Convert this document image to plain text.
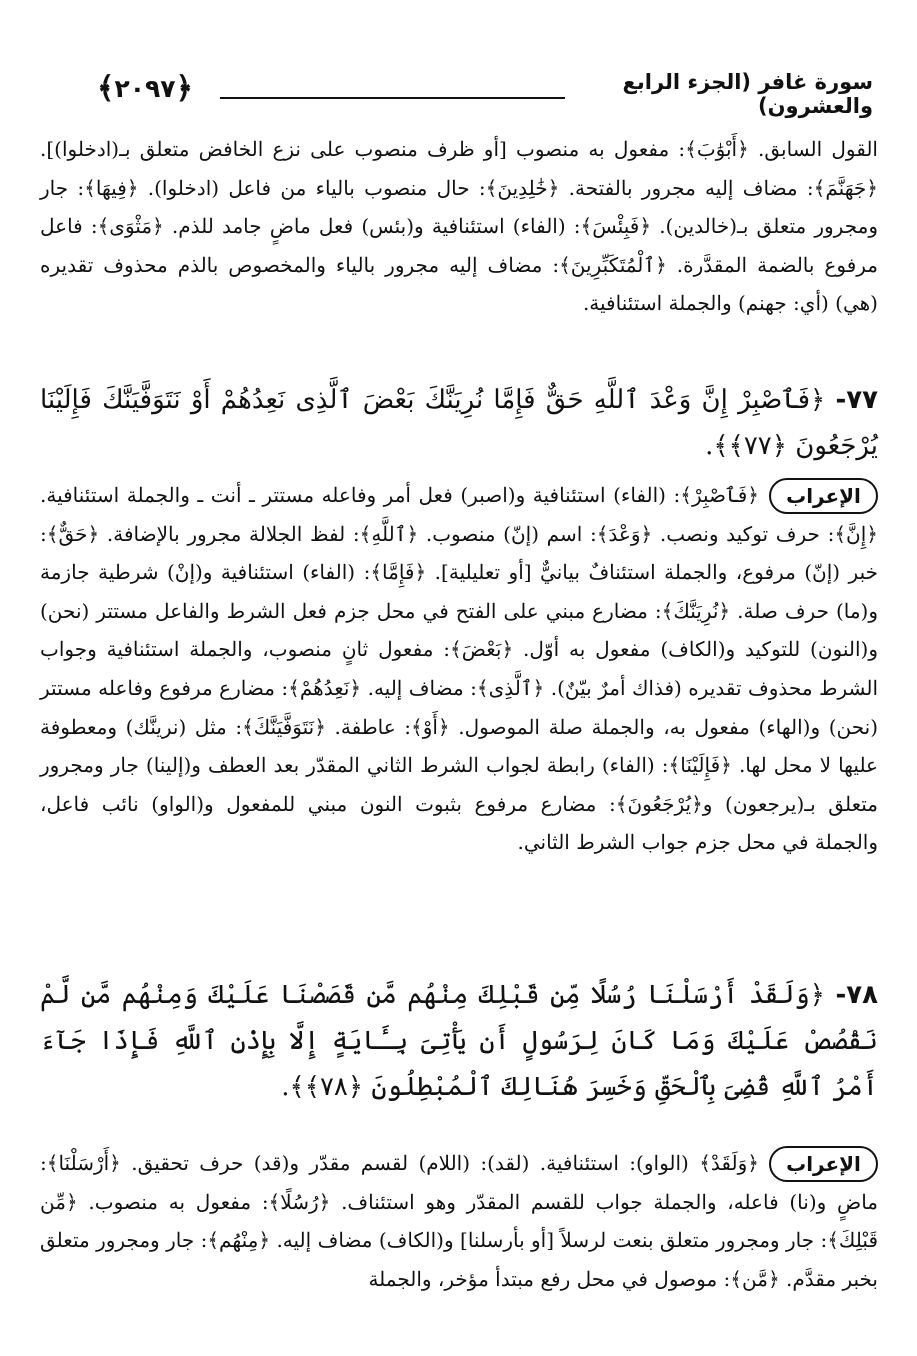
﴿
٢٠٩٧
﴾	سورة غافر (الجزء الرابع والعشرون)

القول السابق. ﴿أَبْوَٰبَ﴾: مفعول به منصوب [أو ظرف منصوب على نزع الخافض متعلق بـ(ادخلوا)]. ﴿جَهَنَّمَ﴾: مضاف إليه مجرور بالفتحة. ﴿خَٰلِدِينَ﴾: حال منصوب بالياء من فاعل (ادخلوا). ﴿فِيهَا﴾: جار ومجرور متعلق بـ(خالدين). ﴿فَبِئْسَ﴾: (الفاء) استئنافية و(بئس) فعل ماضٍ جامد للذم. ﴿مَثْوَى﴾: فاعل مرفوع بالضمة المقدَّرة. ﴿ٱلْمُتَكَبِّرِينَ﴾: مضاف إليه مجرور بالياء والمخصوص بالذم محذوف تقديره (هي) (أي: جهنم) والجملة استئنافية.

٧٧- ﴿فَٱصْبِرْ إِنَّ وَعْدَ ٱللَّهِ حَقٌّ فَإِمَّا نُرِيَنَّكَ بَعْضَ ٱلَّذِى نَعِدُهُمْ أَوْ نَتَوَفَّيَنَّكَ فَإِلَيْنَا يُرْجَعُونَ ﴿٧٧﴾﴾.

الإعراب
﴿فَٱصْبِرْ﴾: (الفاء) استئنافية و(اصبر) فعل أمر وفاعله مستتر ـ أنت ـ والجملة استئنافية. ﴿إِنَّ﴾: حرف توكيد ونصب. ﴿وَعْدَ﴾: اسم (إنّ) منصوب. ﴿ٱللَّهِ﴾: لفظ الجلالة مجرور بالإضافة. ﴿حَقٌّ﴾: خبر (إنّ) مرفوع، والجملة استئنافٌ بيانيٌّ [أو تعليلية]. ﴿فَإِمَّا﴾: (الفاء) استئنافية و(إنْ) شرطية جازمة و(ما) حرف صلة. ﴿نُرِيَنَّكَ﴾: مضارع مبني على الفتح في محل جزم فعل الشرط والفاعل مستتر (نحن) و(النون) للتوكيد و(الكاف) مفعول به أوّل. ﴿بَعْضَ﴾: مفعول ثانٍ منصوب، والجملة استئنافية وجواب الشرط محذوف تقديره (فذاك أمرٌ بيّنٌ). ﴿ٱلَّذِى﴾: مضاف إليه. ﴿نَعِدُهُمْ﴾: مضارع مرفوع وفاعله مستتر (نحن) و(الهاء) مفعول به، والجملة صلة الموصول. ﴿أَوْ﴾: عاطفة. ﴿نَتَوَفَّيَنَّكَ﴾: مثل (نرينَّك) ومعطوفة عليها لا محل لها. ﴿فَإِلَيْنَا﴾: (الفاء) رابطة لجواب الشرط الثاني المقدّر بعد العطف و(إلينا) جار ومجرور متعلق بـ(يرجعون) و﴿يُرْجَعُونَ﴾: مضارع مرفوع بثبوت النون مبني للمفعول و(الواو) نائب فاعل، والجملة في محل جزم جواب الشرط الثاني.

٧٨- ﴿وَلَقَدْ أَرْسَلْنَا رُسُلًا مِّن قَبْلِكَ مِنْهُم مَّن قَصَصْنَا عَلَيْكَ وَمِنْهُم مَّن لَّمْ نَقْصُصْ عَلَيْكَ وَمَا كَانَ لِرَسُولٍ أَن يَأْتِىَ بِـَٔايَةٍ إِلَّا بِإِذْنِ ٱللَّهِ فَإِذَا جَآءَ أَمْرُ ٱللَّهِ قُضِىَ بِٱلْحَقِّ وَخَسِرَ هُنَالِكَ ٱلْمُبْطِلُونَ ﴿٧٨﴾﴾.

الإعراب
﴿وَلَقَدْ﴾ (الواو): استئنافية. (لقد): (اللام) لقسم مقدّر و(قد) حرف تحقيق. ﴿أَرْسَلْنَا﴾: ماضٍ و(نا) فاعله، والجملة جواب للقسم المقدّر وهو استئناف. ﴿رُسُلًا﴾: مفعول به منصوب. ﴿مِّن قَبْلِكَ﴾: جار ومجرور متعلق بنعت لرسلاً [أو بأرسلنا] و(الكاف) مضاف إليه. ﴿مِنْهُم﴾: جار ومجرور متعلق بخبر مقدَّم. ﴿مَّن﴾: موصول في محل رفع مبتدأ مؤخر، والجملة
